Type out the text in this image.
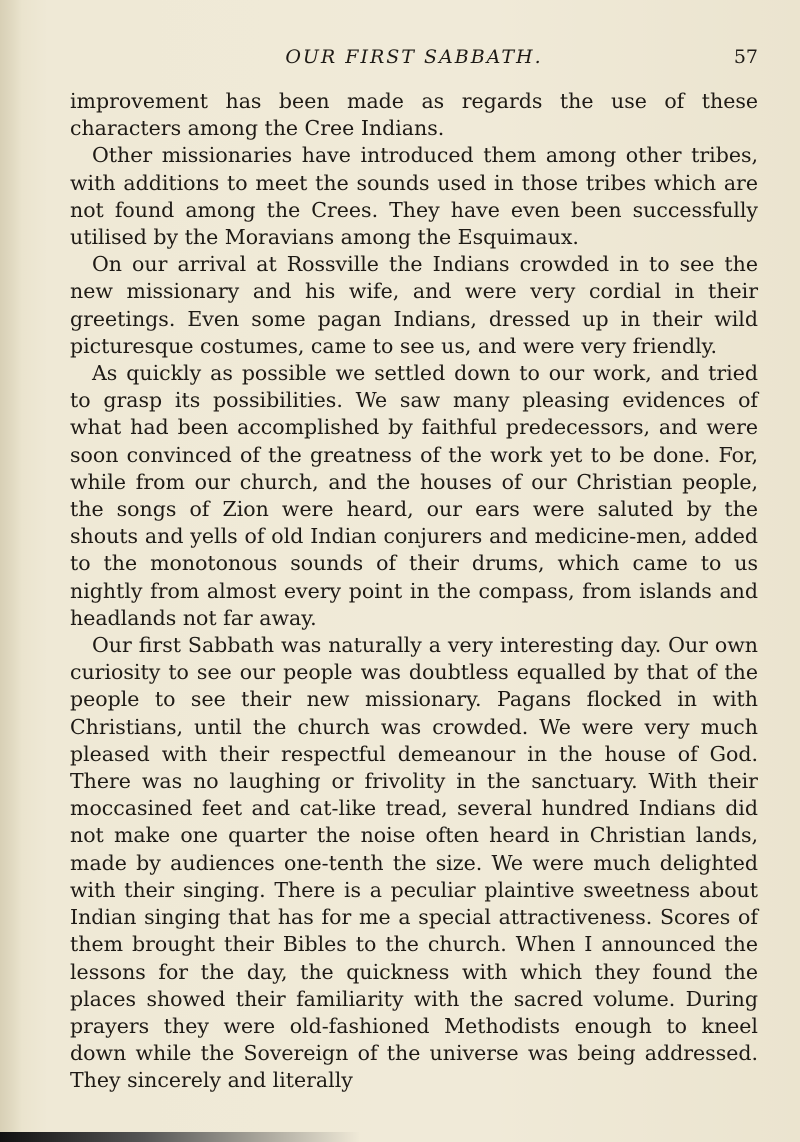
OUR FIRST SABBATH.	57

improvement has been made as regards the use of these characters among the Cree Indians.

Other missionaries have introduced them among other tribes, with additions to meet the sounds used in those tribes which are not found among the Crees. They have even been successfully utilised by the Moravians among the Esquimaux.

On our arrival at Rossville the Indians crowded in to see the new missionary and his wife, and were very cordial in their greetings. Even some pagan Indians, dressed up in their wild picturesque costumes, came to see us, and were very friendly.

As quickly as possible we settled down to our work, and tried to grasp its possibilities. We saw many pleasing evidences of what had been accomplished by faithful predecessors, and were soon convinced of the greatness of the work yet to be done. For, while from our church, and the houses of our Christian people, the songs of Zion were heard, our ears were saluted by the shouts and yells of old Indian conjurers and medicine-men, added to the monotonous sounds of their drums, which came to us nightly from almost every point in the compass, from islands and headlands not far away.

Our first Sabbath was naturally a very interesting day. Our own curiosity to see our people was doubtless equalled by that of the people to see their new missionary. Pagans flocked in with Christians, until the church was crowded. We were very much pleased with their respectful demeanour in the house of God. There was no laughing or frivolity in the sanctuary. With their moccasined feet and cat-like tread, several hundred Indians did not make one quarter the noise often heard in Christian lands, made by audiences one-tenth the size. We were much delighted with their singing. There is a peculiar plaintive sweetness about Indian singing that has for me a special attractiveness. Scores of them brought their Bibles to the church. When I announced the lessons for the day, the quickness with which they found the places showed their familiarity with the sacred volume. During prayers they were old-fashioned Methodists enough to kneel down while the Sovereign of the universe was being addressed. They sincerely and literally
